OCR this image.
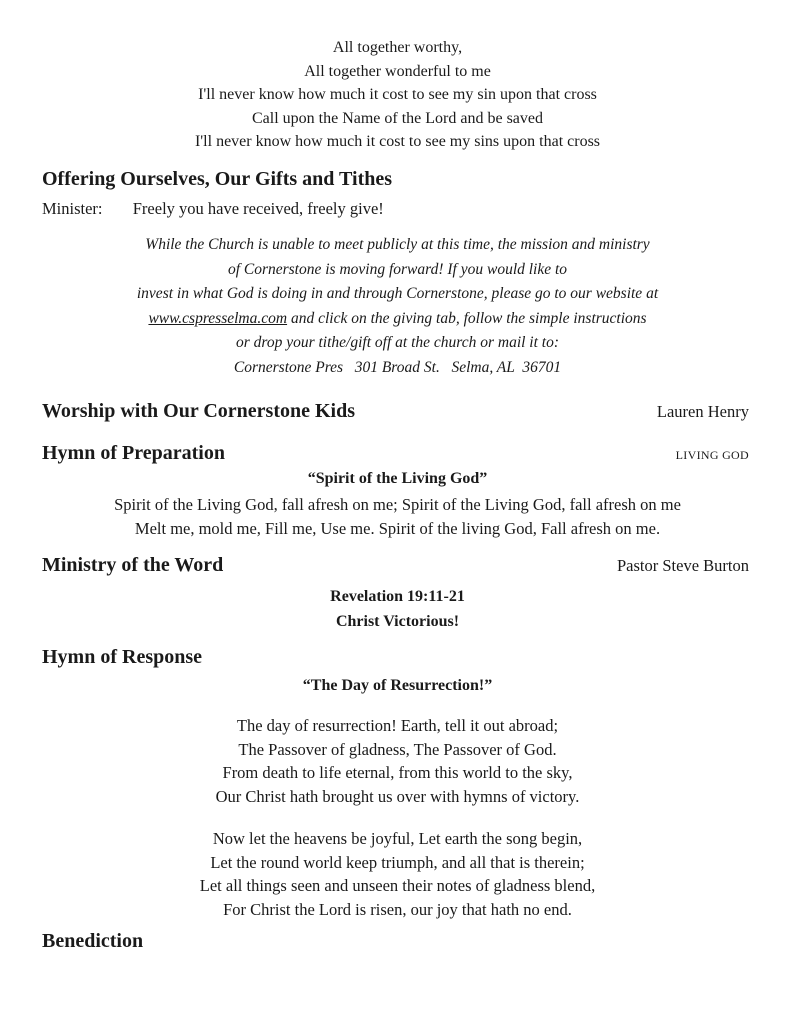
All together worthy,
All together wonderful to me
I'll never know how much it cost to see my sin upon that cross
Call upon the Name of the Lord and be saved
I'll never know how much it cost to see my sins upon that cross
Offering Ourselves, Our Gifts and Tithes
Minister: Freely you have received, freely give!
While the Church is unable to meet publicly at this time, the mission and ministry
of Cornerstone is moving forward! If you would like to
invest in what God is doing in and through Cornerstone, please go to our website at
www.cspresselma.com and click on the giving tab, follow the simple instructions
or drop your tithe/gift off at the church or mail it to:
Cornerstone Pres   301 Broad St.   Selma, AL  36701
Worship with Our Cornerstone Kids	Lauren Henry
Hymn of Preparation	LIVING GOD
“Spirit of the Living God”
Spirit of the Living God, fall afresh on me; Spirit of the Living God, fall afresh on me
Melt me, mold me, Fill me, Use me. Spirit of the living God, Fall afresh on me.
Ministry of the Word	Pastor Steve Burton
Revelation 19:11-21
Christ Victorious!
Hymn of Response
“The Day of Resurrection!”
The day of resurrection! Earth, tell it out abroad;
The Passover of gladness, The Passover of God.
From death to life eternal, from this world to the sky,
Our Christ hath brought us over with hymns of victory.
Now let the heavens be joyful, Let earth the song begin,
Let the round world keep triumph, and all that is therein;
Let all things seen and unseen their notes of gladness blend,
For Christ the Lord is risen, our joy that hath no end.
Benediction
